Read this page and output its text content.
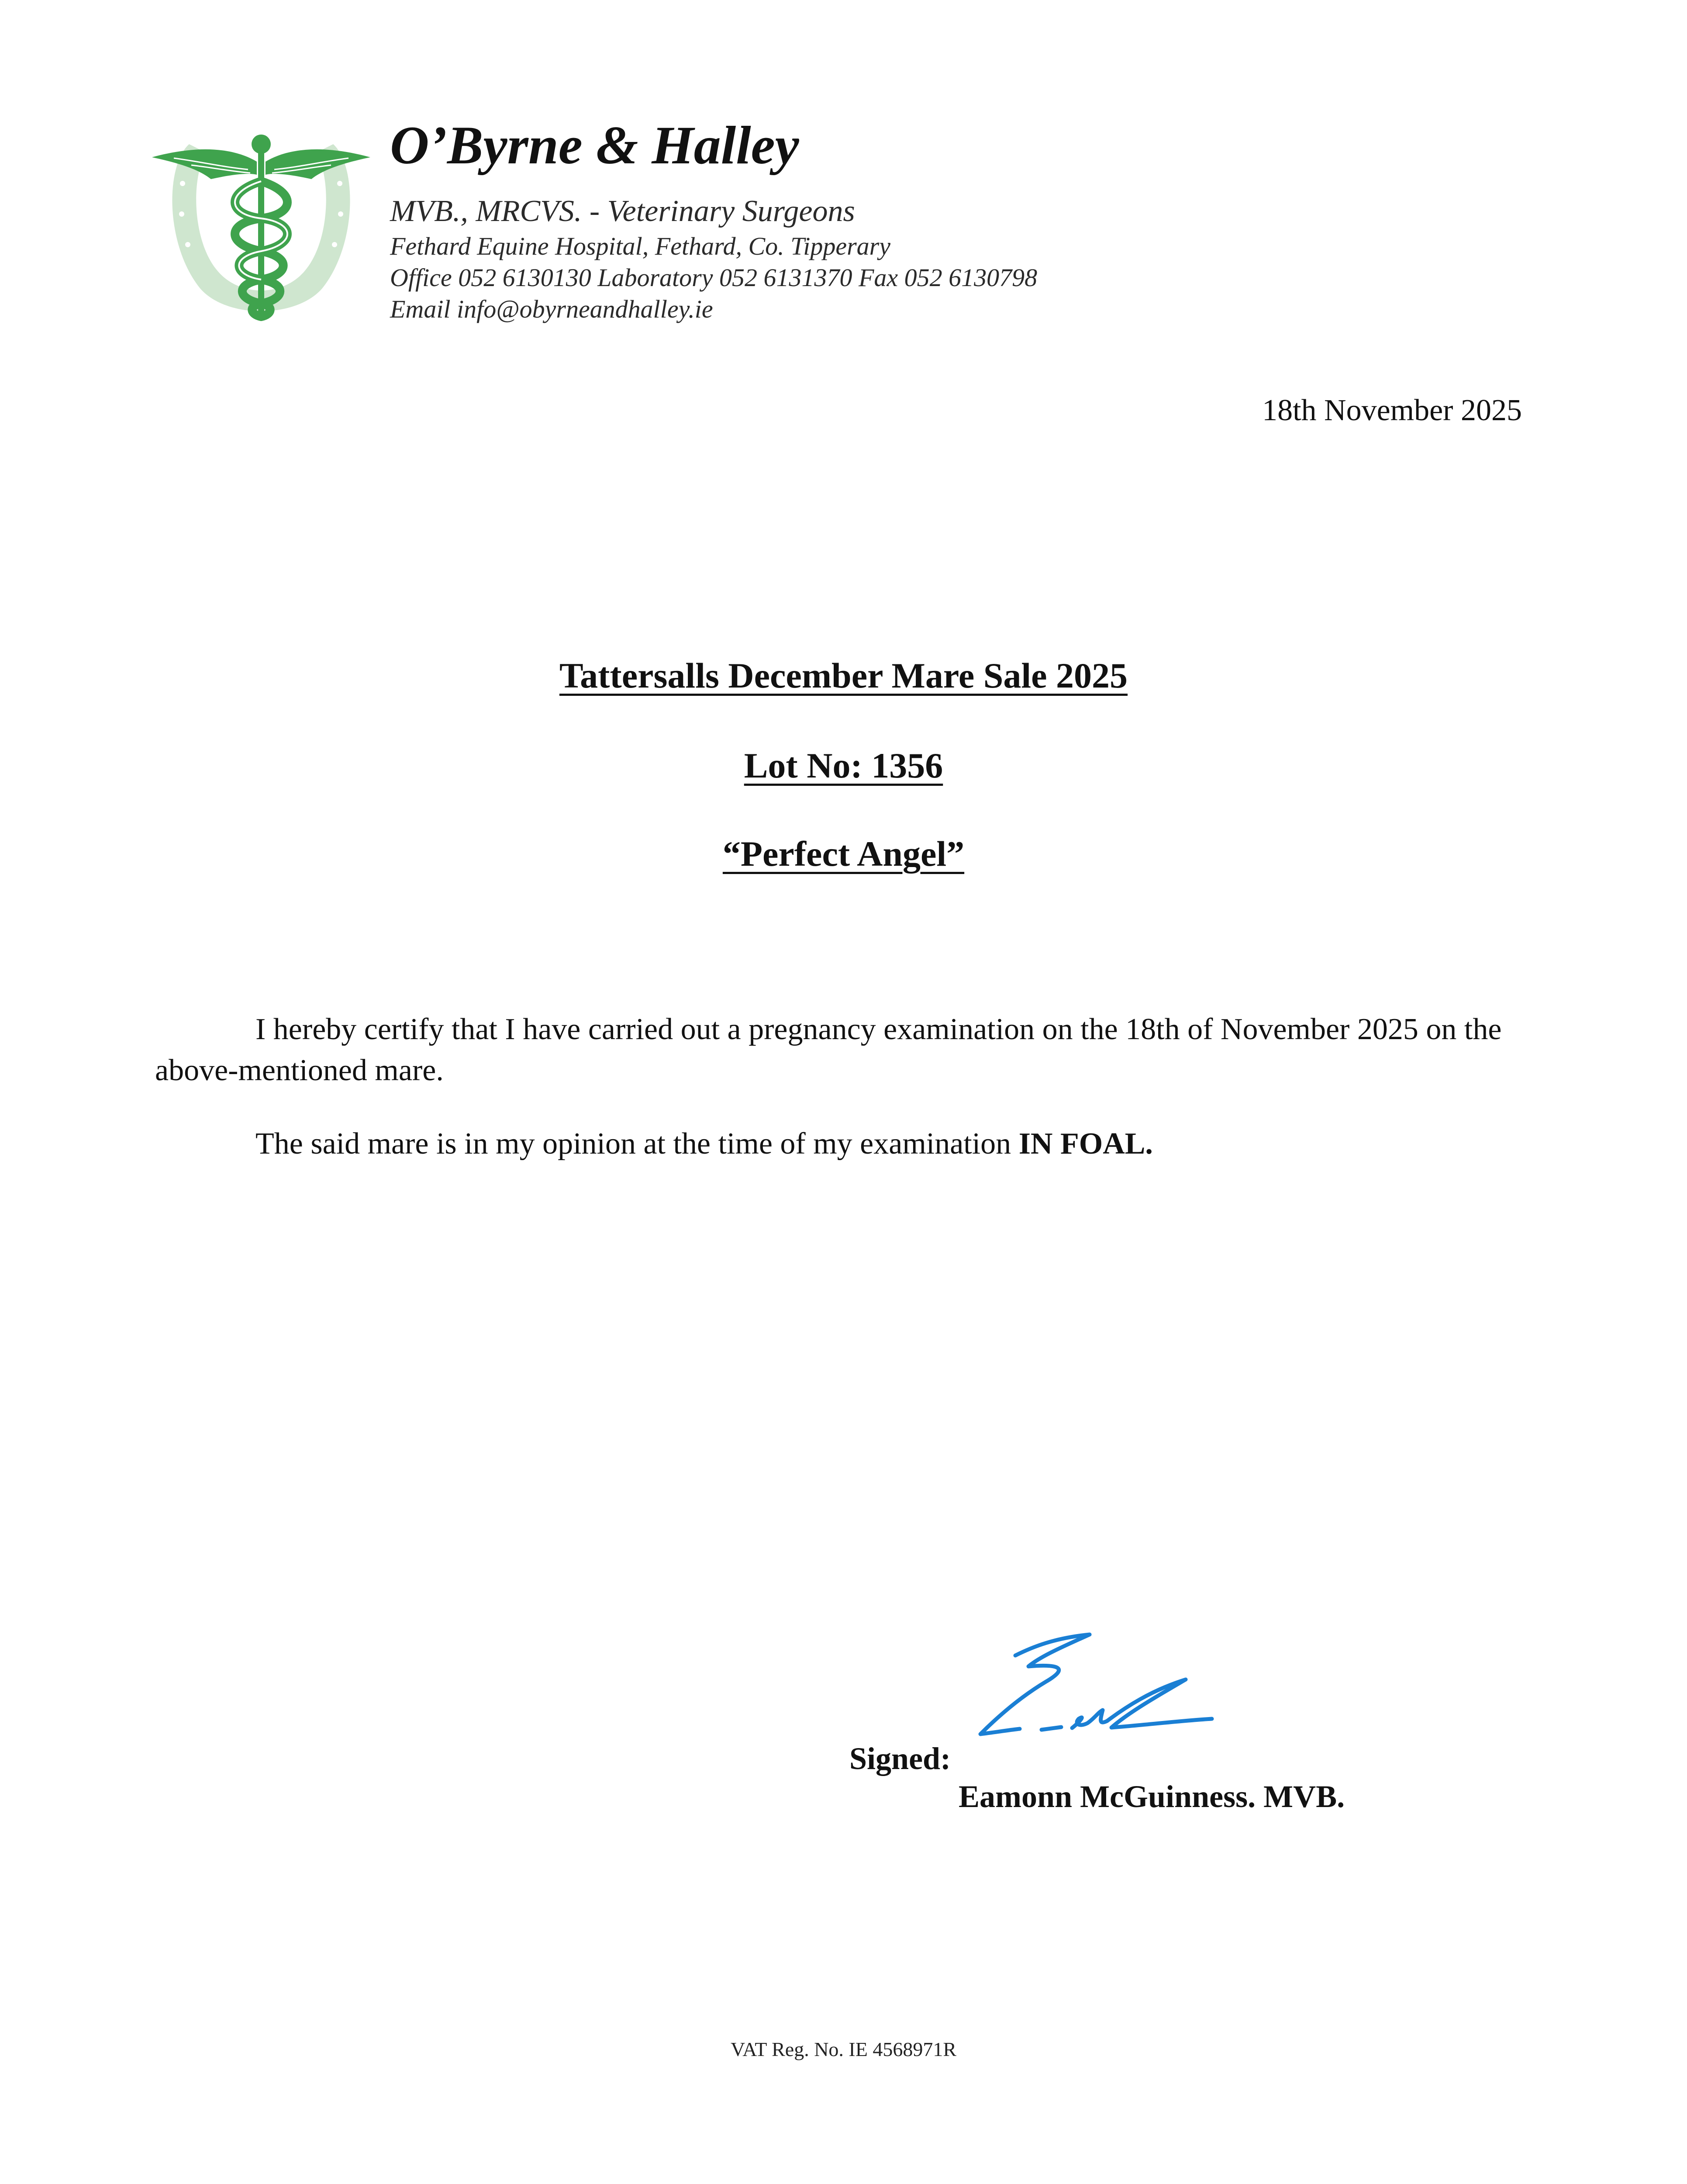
O’Byrne & Halley
MVB., MRCVS. - Veterinary Surgeons
Fethard Equine Hospital, Fethard, Co. Tipperary
Office 052 6130130 Laboratory 052 6131370 Fax 052 6130798
Email info@obyrneandhalley.ie
18th November 2025
Tattersalls December Mare Sale 2025
Lot No: 1356
“Perfect Angel”
I hereby certify that I have carried out a pregnancy examination on the 18th of November 2025 on the above-mentioned mare.
The said mare is in my opinion at the time of my examination IN FOAL.
Signed:
Eamonn McGuinness. MVB.
VAT Reg. No. IE 4568971R
